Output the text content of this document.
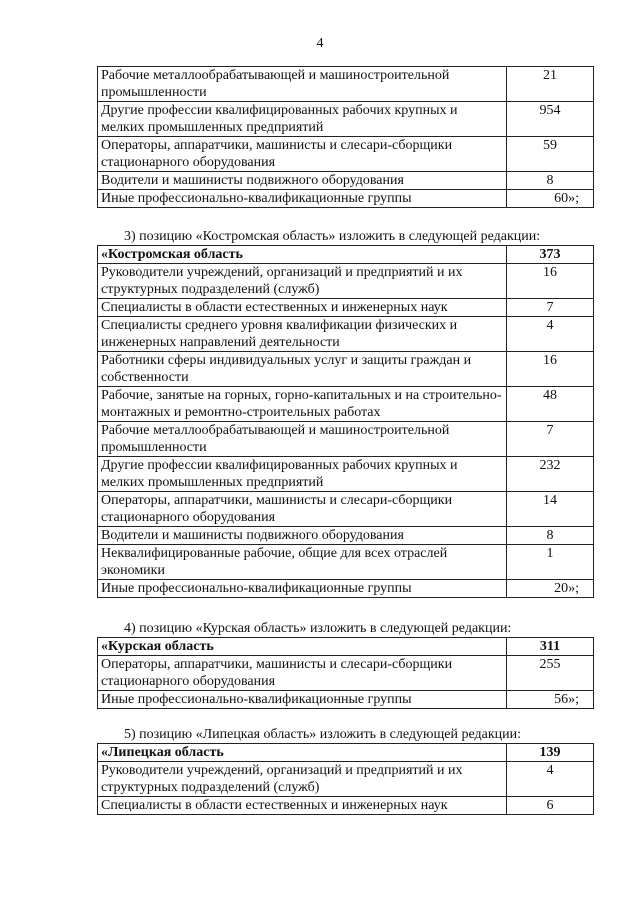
4
Рабочие металлообрабатывающей и машиностроительной промышленности	21
Другие профессии квалифицированных рабочих крупных и мелких промышленных предприятий	954
Операторы, аппаратчики, машинисты и слесари-сборщики стационарного оборудования	59
Водители и машинисты подвижного оборудования	8
Иные профессионально-квалификационные группы	60»;
3) позицию «Костромская область» изложить в следующей редакции:
«Костромская область	373
Руководители учреждений, организаций и предприятий и их структурных подразделений (служб)	16
Специалисты в области естественных и инженерных наук	7
Специалисты среднего уровня квалификации физических и инженерных направлений деятельности	4
Работники сферы индивидуальных услуг и защиты граждан и собственности	16
Рабочие, занятые на горных, горно-капитальных и на строительно-монтажных и ремонтно-строительных работах	48
Рабочие металлообрабатывающей и машиностроительной промышленности	7
Другие профессии квалифицированных рабочих крупных и мелких промышленных предприятий	232
Операторы, аппаратчики, машинисты и слесари-сборщики стационарного оборудования	14
Водители и машинисты подвижного оборудования	8
Неквалифицированные рабочие, общие для всех отраслей экономики	1
Иные профессионально-квалификационные группы	20»;
4) позицию «Курская область» изложить в следующей редакции:
«Курская область	311
Операторы, аппаратчики, машинисты и слесари-сборщики стационарного оборудования	255
Иные профессионально-квалификационные группы	56»;
5) позицию «Липецкая область» изложить в следующей редакции:
«Липецкая область	139
Руководители учреждений, организаций и предприятий и их структурных подразделений (служб)	4
Специалисты в области естественных и инженерных наук	6
